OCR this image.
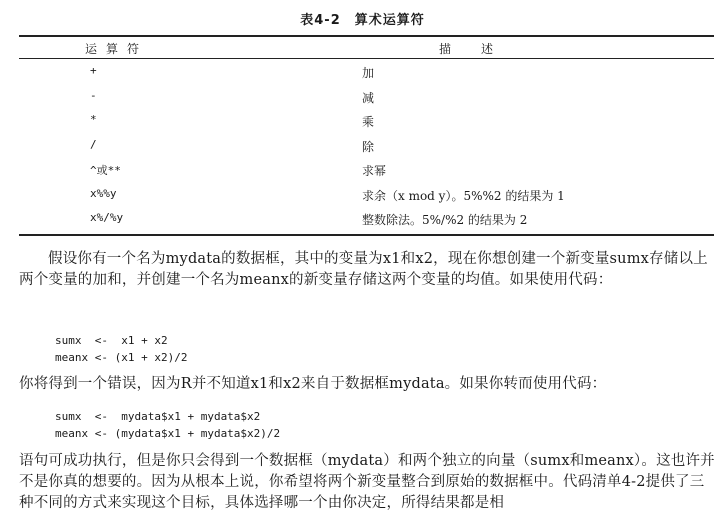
表4-2　算术运算符
运算符	描述
+	加
-	减
*	乘
/	除
^或**	求幂
x%%y	求余（x mod y）。5%%2 的结果为 1
x%/%y	整数除法。5%/%2 的结果为 2
假设你有一个名为mydata的数据框，其中的变量为x1和x2，现在你想创建一个新变量sumx存储以上两个变量的加和，并创建一个名为meanx的新变量存储这两个变量的均值。如果使用代码：
sumx  <-  x1 + x2
meanx <- (x1 + x2)/2
你将得到一个错误，因为R并不知道x1和x2来自于数据框mydata。如果你转而使用代码：
sumx  <-  mydata$x1 + mydata$x2
meanx <- (mydata$x1 + mydata$x2)/2
语句可成功执行，但是你只会得到一个数据框（mydata）和两个独立的向量（sumx和meanx）。这也许并不是你真的想要的。因为从根本上说，你希望将两个新变量整合到原始的数据框中。代码清单4-2提供了三种不同的方式来实现这个目标，具体选择哪一个由你决定，所得结果都是相
